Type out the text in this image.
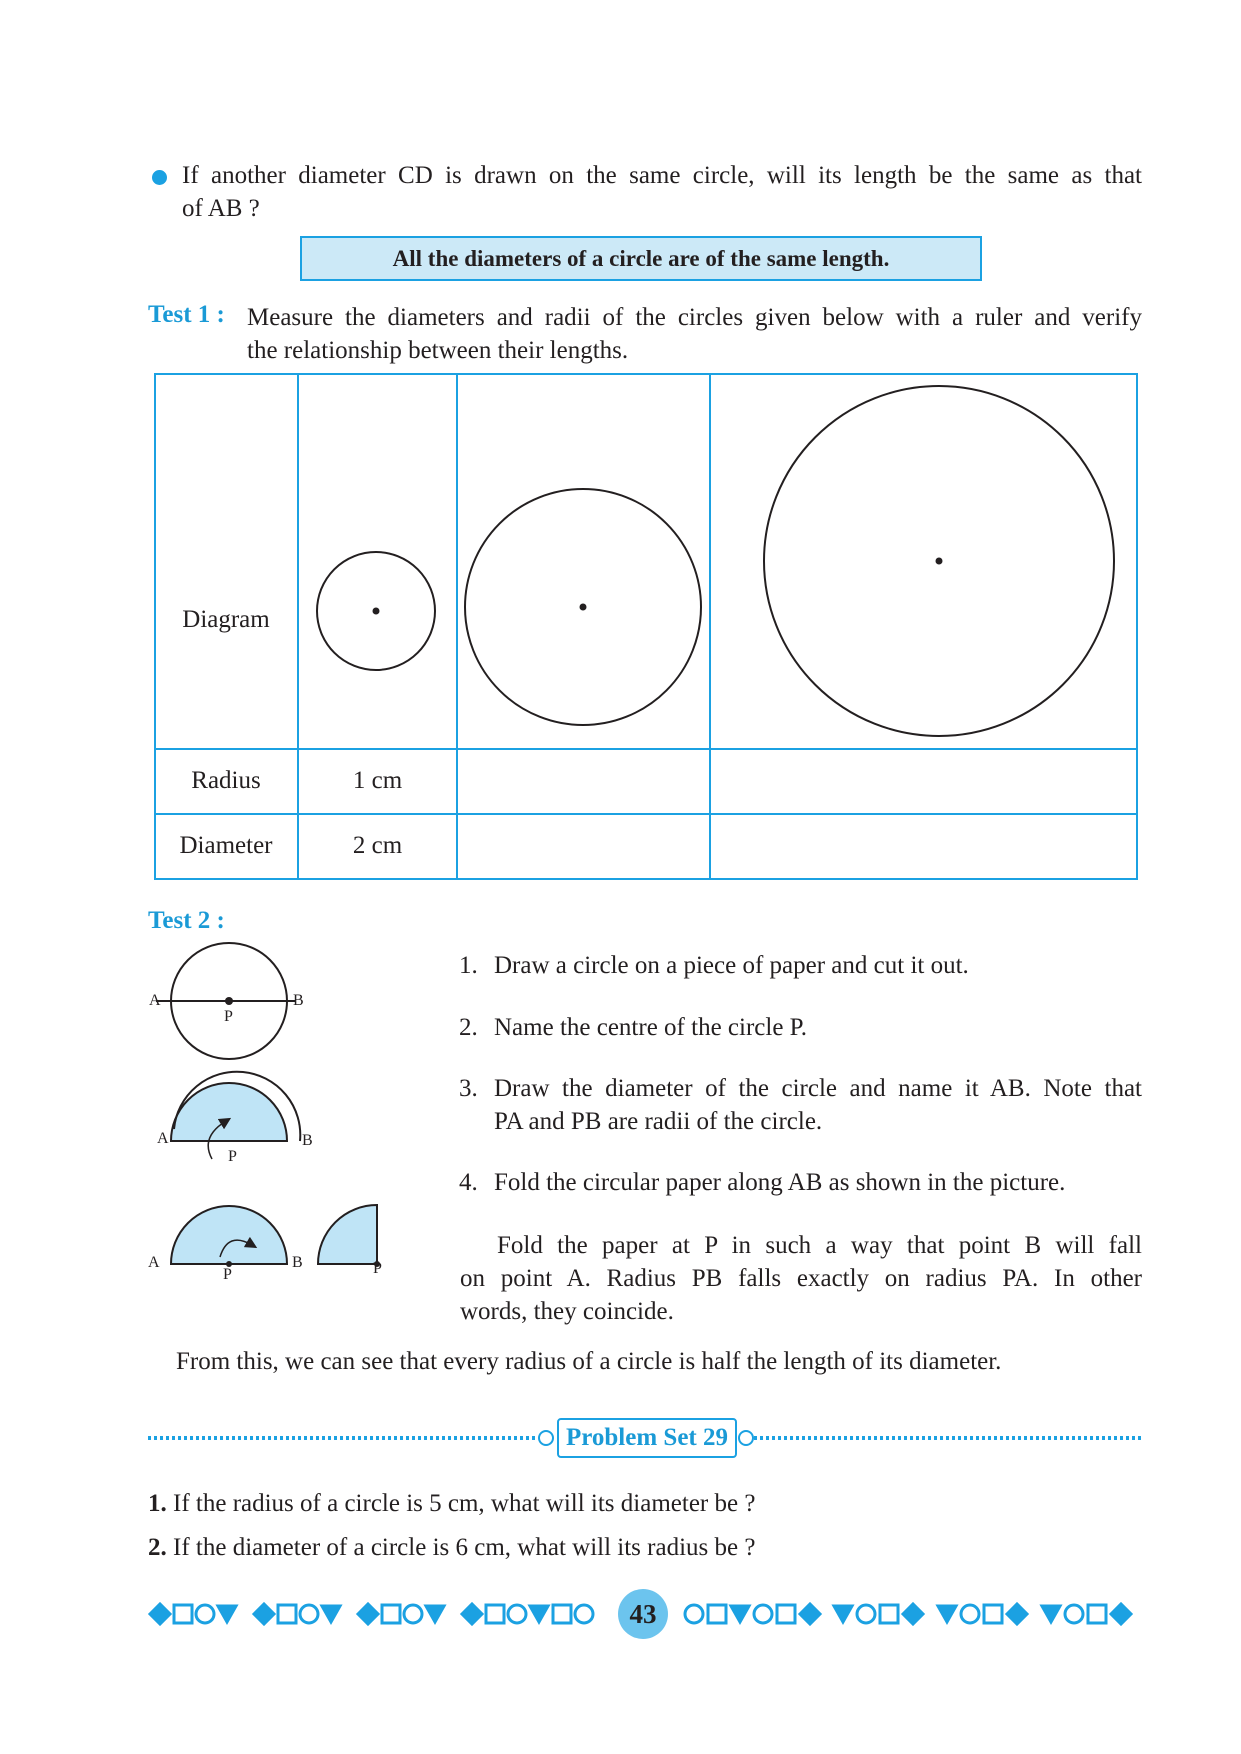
If another diameter CD is drawn on the same circle, will its length be the same as that
of AB ?
All the diameters of a circle are of the same length.
Test 1 : Measure the diameters and radii of the circles given below with a ruler and verify
the relationship between their lengths.
Diagram
Radius
Diameter
1 cm
2 cm
Test 2 :
A
P
B
A
P
B
A
P
B	P
1. Draw a circle on a piece of paper and cut it out.
2. Name the centre of the circle P.
3. Draw the diameter of the circle and name it AB. Note that
PA and PB are radii of the circle.
4. Fold the circular paper along AB as shown in the picture.
Fold the paper at P in such a way that point B will fall
on point A. Radius PB falls exactly on radius PA. In other
words, they coincide.
From this, we can see that every radius of a circle is half the length of its diameter.
Problem Set 29
1. If the radius of a circle is 5 cm, what will its diameter be ?
2. If the diameter of a circle is 6 cm, what will its radius be ?
43
